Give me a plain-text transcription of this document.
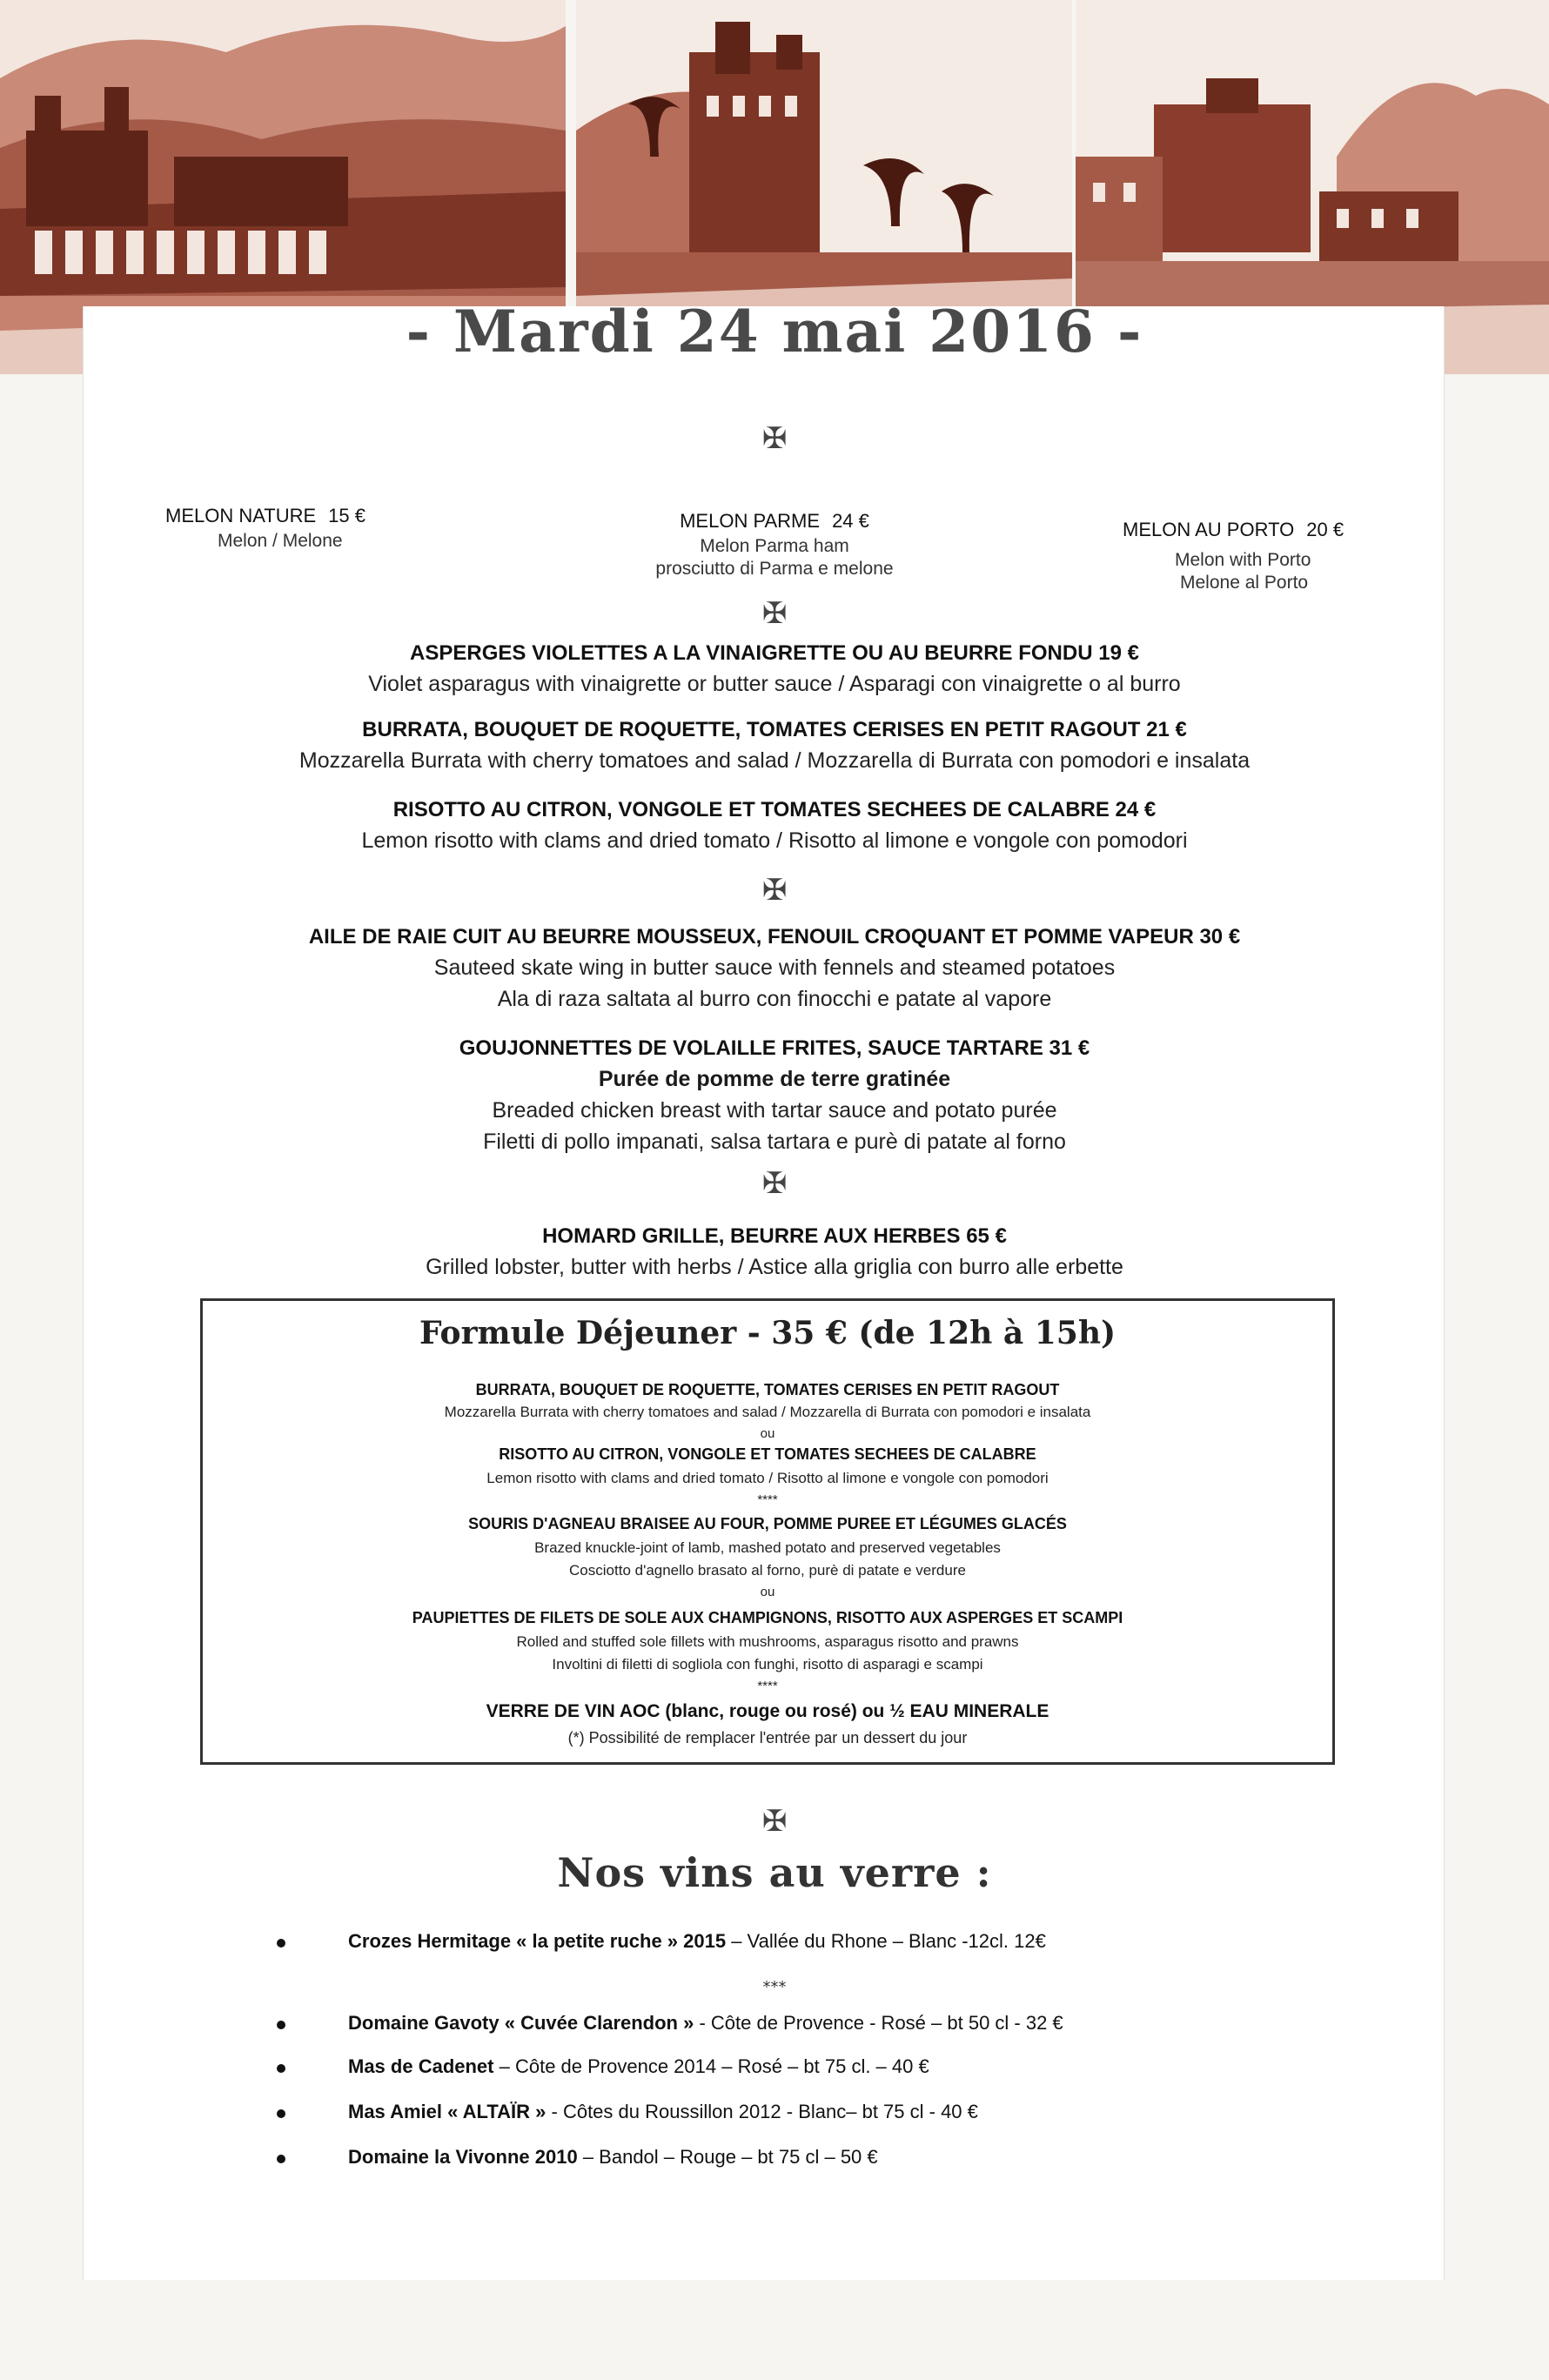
- Mardi 24 mai 2016 -
✠
MELON NATURE 15 €
Melon / Melone
MELON PARME 24 €
Melon Parma ham
prosciutto di Parma e melone
MELON AU PORTO 20 €
Melon with Porto
Melone al Porto
✠
ASPERGES VIOLETTES A LA VINAIGRETTE OU AU BEURRE FONDU 19 €
Violet asparagus with vinaigrette or butter sauce / Asparagi con vinaigrette o al burro
BURRATA, BOUQUET DE ROQUETTE, TOMATES CERISES EN PETIT RAGOUT 21 €
Mozzarella Burrata with cherry tomatoes and salad / Mozzarella di Burrata con pomodori e insalata
RISOTTO AU CITRON, VONGOLE ET TOMATES SECHEES DE CALABRE 24 €
Lemon risotto with clams and dried tomato / Risotto al limone e vongole con pomodori
✠
AILE DE RAIE CUIT AU BEURRE MOUSSEUX, FENOUIL CROQUANT ET POMME VAPEUR 30 €
Sauteed skate wing in butter sauce with fennels and steamed potatoes
Ala di raza saltata al burro con finocchi e patate al vapore
GOUJONNETTES DE VOLAILLE FRITES, SAUCE TARTARE 31 €
Purée de pomme de terre gratinée
Breaded chicken breast with tartar sauce and potato purée
Filetti di pollo impanati, salsa tartara e purè di patate al forno
✠
HOMARD GRILLE, BEURRE AUX HERBES 65 €
Grilled lobster, butter with herbs / Astice alla griglia con burro alle erbette
Formule Déjeuner - 35 € (de 12h à 15h)
BURRATA, BOUQUET DE ROQUETTE, TOMATES CERISES EN PETIT RAGOUT
Mozzarella Burrata with cherry tomatoes and salad / Mozzarella di Burrata con pomodori e insalata
ou
RISOTTO AU CITRON, VONGOLE ET TOMATES SECHEES DE CALABRE
Lemon risotto with clams and dried tomato / Risotto al limone e vongole con pomodori
****
SOURIS D'AGNEAU BRAISEE AU FOUR, POMME PUREE ET LÉGUMES GLACÉS
Brazed knuckle-joint of lamb, mashed potato and preserved vegetables
Cosciotto d'agnello brasato al forno, purè di patate e verdure
ou
PAUPIETTES DE FILETS DE SOLE AUX CHAMPIGNONS, RISOTTO AUX ASPERGES ET SCAMPI
Rolled and stuffed sole fillets with mushrooms, asparagus risotto and prawns
Involtini di filetti di sogliola con funghi, risotto di asparagi e scampi
****
VERRE DE VIN AOC (blanc, rouge ou rosé) ou ½ EAU MINERALE
(*) Possibilité de remplacer l'entrée par un dessert du jour
✠
Nos vins au verre :
Crozes Hermitage « la petite ruche » 2015 – Vallée du Rhone – Blanc -12cl. 12€
***
Domaine Gavoty « Cuvée Clarendon » - Côte de Provence - Rosé – bt 50 cl - 32 €
Mas de Cadenet – Côte de Provence 2014 – Rosé – bt 75 cl. – 40 €
Mas Amiel « ALTAÏR » - Côtes du Roussillon 2012 - Blanc– bt 75 cl - 40 €
Domaine la Vivonne 2010 – Bandol – Rouge – bt 75 cl – 50 €
